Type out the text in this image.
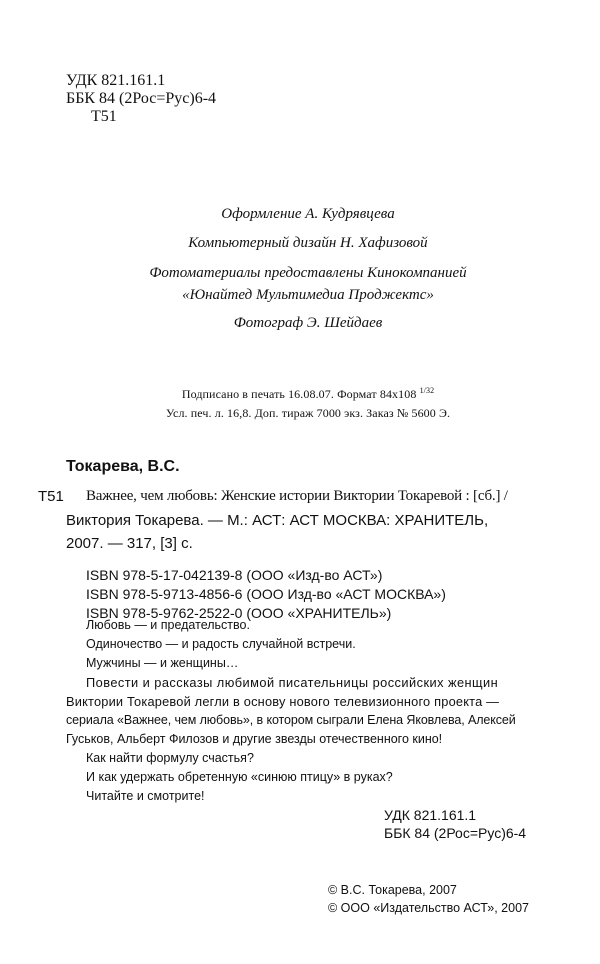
УДК 821.161.1
ББК 84 (2Рос=Рус)6-4
Т51
Оформление А. Кудрявцева
Компьютерный дизайн Н. Хафизовой
Фотоматериалы предоставлены Кинокомпанией
«Юнайтед Мультимедиа Проджектс»
Фотограф Э. Шейдаев
Подписано в печать 16.08.07. Формат 84x108 $^{1/32}$
Усл. печ. л. 16,8. Доп. тираж 7000 экз. Заказ № 5600 Э.
Токарева, В.С.
Т51 Важнее, чем любовь: Женские истории Виктории Токаревой : [сб.] /
Виктория Токарева. — М.: АСТ: АСТ МОСКВА: ХРАНИТЕЛЬ,
2007. — 317, [3] с.
ISBN 978-5-17-042139-8 (ООО «Изд-во АСТ»)
ISBN 978-5-9713-4856-6 (ООО Изд-во «АСТ МОСКВА»)
ISBN 978-5-9762-2522-0 (ООО «ХРАНИТЕЛЬ»)
Любовь — и предательство.
Одиночество — и радость случайной встречи.
Мужчины — и женщины…
Повести и рассказы любимой писательницы российских женщин
Виктории Токаревой легли в основу нового телевизионного проекта —
сериала «Важнее, чем любовь», в котором сыграли Елена Яковлева, Алексей
Гуськов, Альберт Филозов и другие звезды отечественного кино!
Как найти формулу счастья?
И как удержать обретенную «синюю птицу» в руках?
Читайте и смотрите!
УДК 821.161.1
ББК 84 (2Рос=Рус)6-4
© В.С. Токарева, 2007
© ООО «Издательство АСТ», 2007
